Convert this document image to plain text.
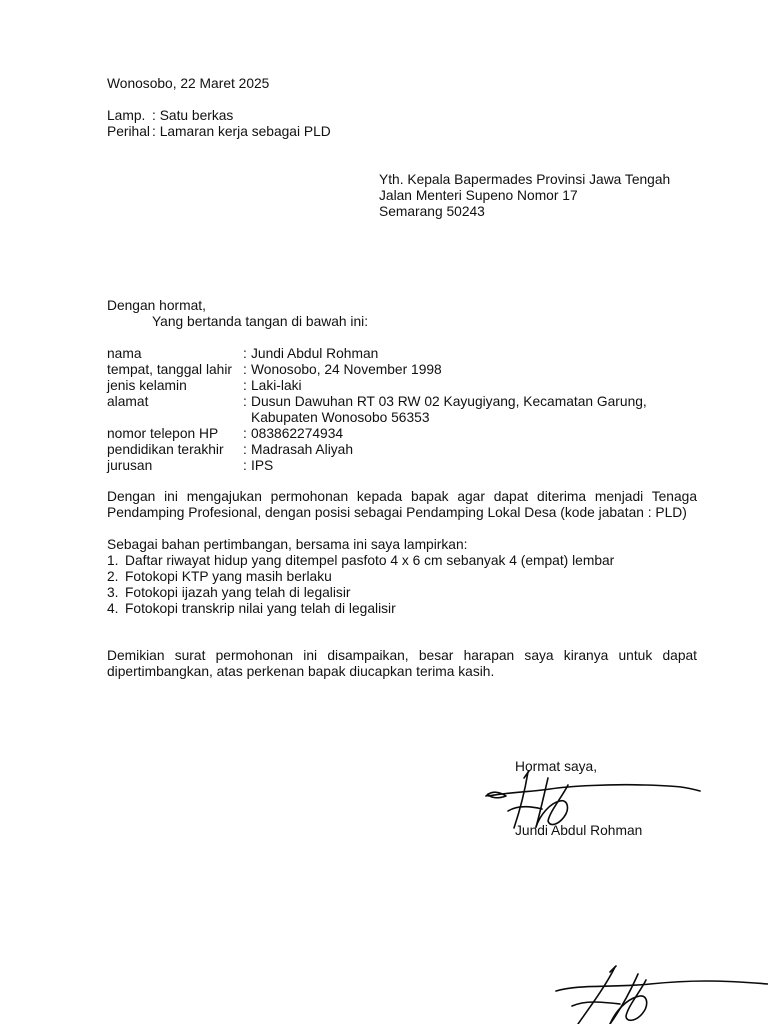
Wonosobo, 22 Maret 2025
Lamp. : Satu berkas
Perihal : Lamaran kerja sebagai PLD
Yth. Kepala Bapermades Provinsi Jawa Tengah
Jalan Menteri Supeno Nomor 17
Semarang 50243
Dengan hormat,
Yang bertanda tangan di bawah ini:
nama	: Jundi Abdul Rohman
tempat, tanggal lahir : Wonosobo, 24 November 1998
jenis kelamin	: Laki-laki
alamat	: Dusun Dawuhan RT 03 RW 02 Kayugiyang, Kecamatan Garung,
Kabupaten Wonosobo 56353
nomor telepon HP	: 083862274934
pendidikan terakhir	: Madrasah Aliyah
jurusan	: IPS
Dengan ini mengajukan permohonan kepada bapak agar dapat diterima menjadi Tenaga Pendamping Profesional, dengan posisi sebagai Pendamping Lokal Desa (kode jabatan : PLD)
Sebagai bahan pertimbangan, bersama ini saya lampirkan:
1. Daftar riwayat hidup yang ditempel pasfoto 4 x 6 cm sebanyak 4 (empat) lembar
2. Fotokopi KTP yang masih berlaku
3. Fotokopi ijazah yang telah di legalisir
4. Fotokopi transkrip nilai yang telah di legalisir
Demikian surat permohonan ini disampaikan, besar harapan saya kiranya untuk dapat dipertimbangkan, atas perkenan bapak diucapkan terima kasih.
Hormat saya,
Jundi Abdul Rohman
